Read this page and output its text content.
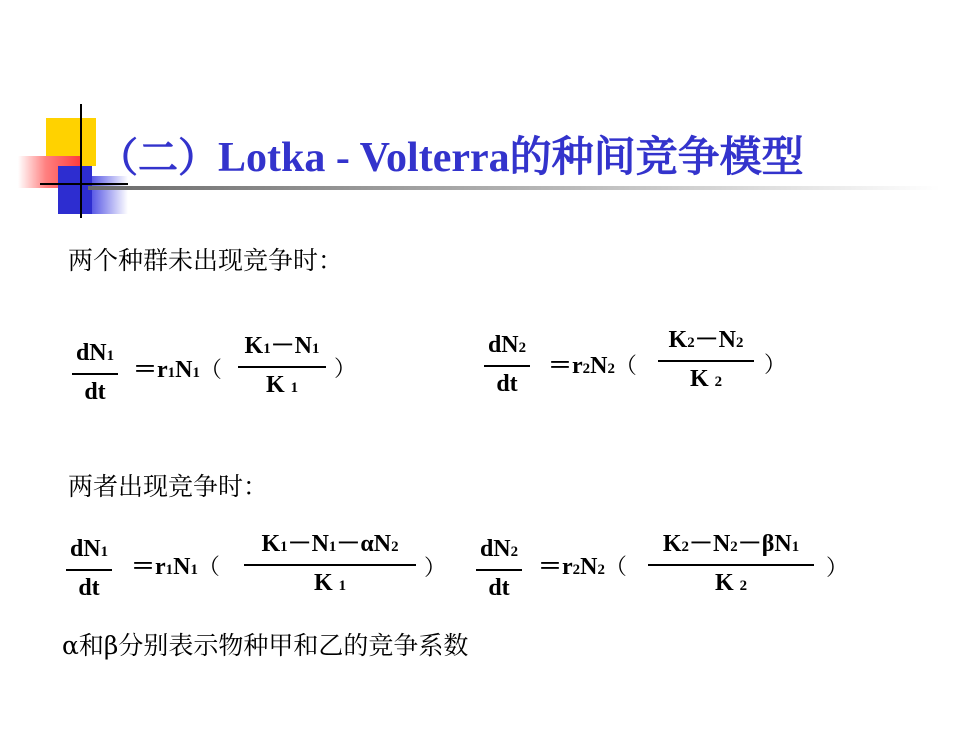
（二）Lotka - Volterra的种间竞争模型
两个种群未出现竞争时：
dN1
dt
＝r1N1（
K1－N1
K 1
）
dN2
dt
＝r2N2（
K2－N2
K 2
）
两者出现竞争时：
dN1
dt
＝r1N1（
K1－N1－αN2
K 1
）
dN2
dt
＝r2N2（
K2－N2－βN1
K 2
）
α和β分别表示物种甲和乙的竞争系数
